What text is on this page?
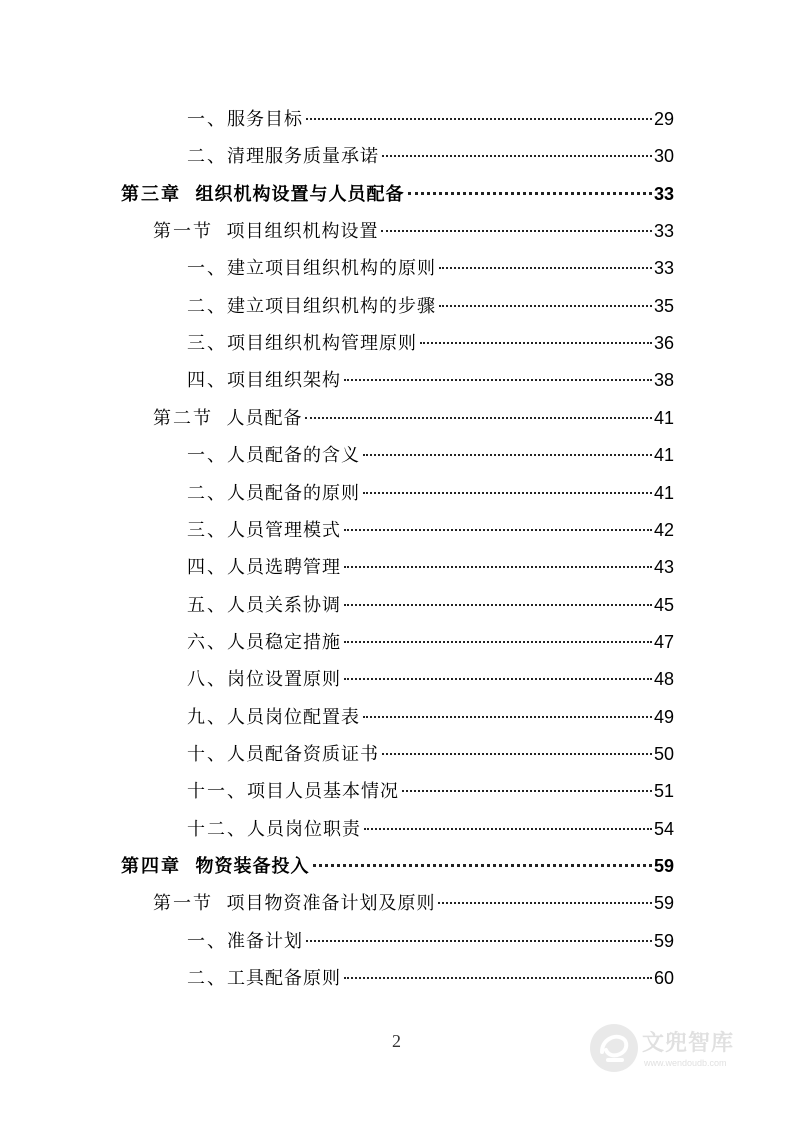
一、服务目标	29
二、清理服务质量承诺	30
第三章 组织机构设置与人员配备	33
第一节 项目组织机构设置	33
一、建立项目组织机构的原则	33
二、建立项目组织机构的步骤	35
三、项目组织机构管理原则	36
四、项目组织架构	38
第二节 人员配备	41
一、人员配备的含义	41
二、人员配备的原则	41
三、人员管理模式	42
四、人员选聘管理	43
五、人员关系协调	45
六、人员稳定措施	47
八、岗位设置原则	48
九、人员岗位配置表	49
十、人员配备资质证书	50
十一、项目人员基本情况	51
十二、人员岗位职责	54
第四章 物资装备投入	59
第一节 项目物资准备计划及原则	59
一、准备计划	59
二、工具配备原则	60
2	文兜智库
www.wendoudb.com
